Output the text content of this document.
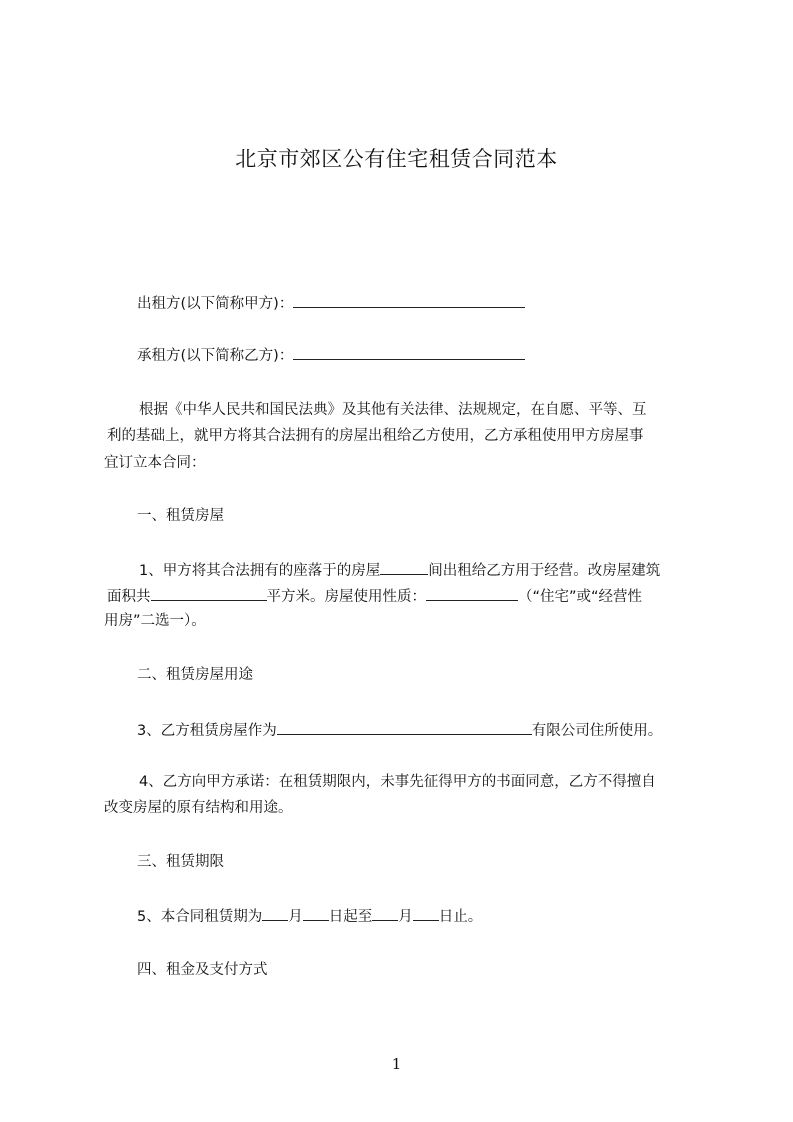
北京市郊区公有住宅租赁合同范本
出租方(以下简称甲方)：
承租方(以下简称乙方)：
根据《中华人民共和国民法典》及其他有关法律、法规规定，在自愿、平等、互
利的基础上，就甲方将其合法拥有的房屋出租给乙方使用，乙方承租使用甲方房屋事
宜订立本合同：
一、租赁房屋
1、甲方将其合法拥有的座落于的房屋	间出租给乙方用于经营。改房屋建筑
面积共	平方米。房屋使用性质：	（“住宅”或“经营性
用房”二选一）。
二、租赁房屋用途
3、乙方租赁房屋作为	有限公司住所使用。
4、乙方向甲方承诺：在租赁期限内，未事先征得甲方的书面同意，乙方不得擅自
改变房屋的原有结构和用途。
三、租赁期限
5、本合同租赁期为 月 日起至 月 日止。
四、租金及支付方式
1
